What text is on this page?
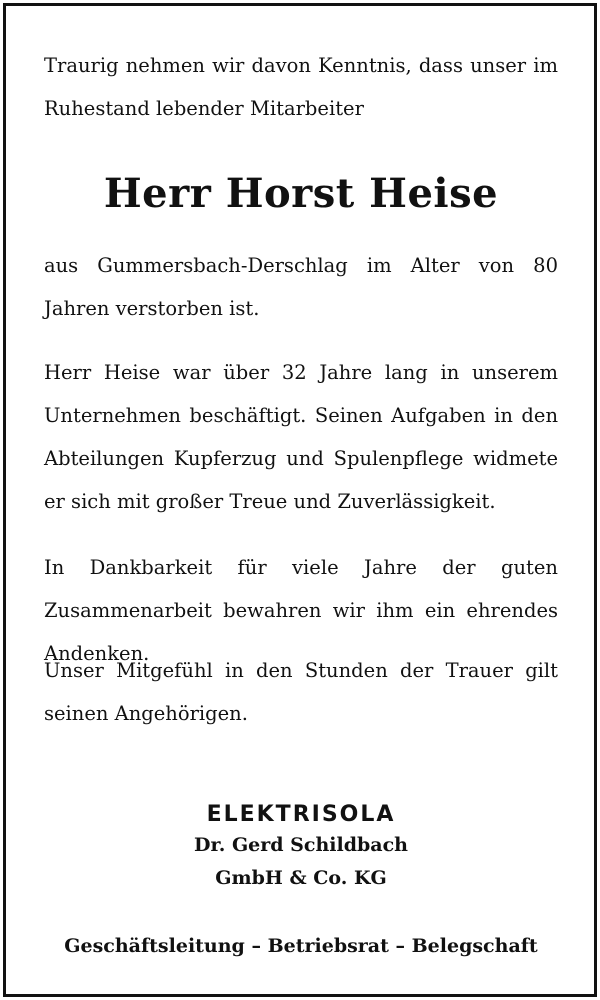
Traurig nehmen wir davon Kenntnis, dass unser im Ruhestand lebender Mitarbeiter

Herr Horst Heise

aus Gummersbach-Derschlag im Alter von 80 Jahren verstorben ist.

Herr Heise war über 32 Jahre lang in unserem Unternehmen beschäftigt. Seinen Aufgaben in den Abteilungen Kupferzug und Spulenpflege widmete er sich mit großer Treue und Zuverlässigkeit.

In Dankbarkeit für viele Jahre der guten Zusammenarbeit bewahren wir ihm ein ehrendes Andenken.

Unser Mitgefühl in den Stunden der Trauer gilt seinen Angehörigen.

ELEKTRISOLA
Dr. Gerd Schildbach
GmbH & Co. KG
Geschäftsleitung – Betriebsrat – Belegschaft
